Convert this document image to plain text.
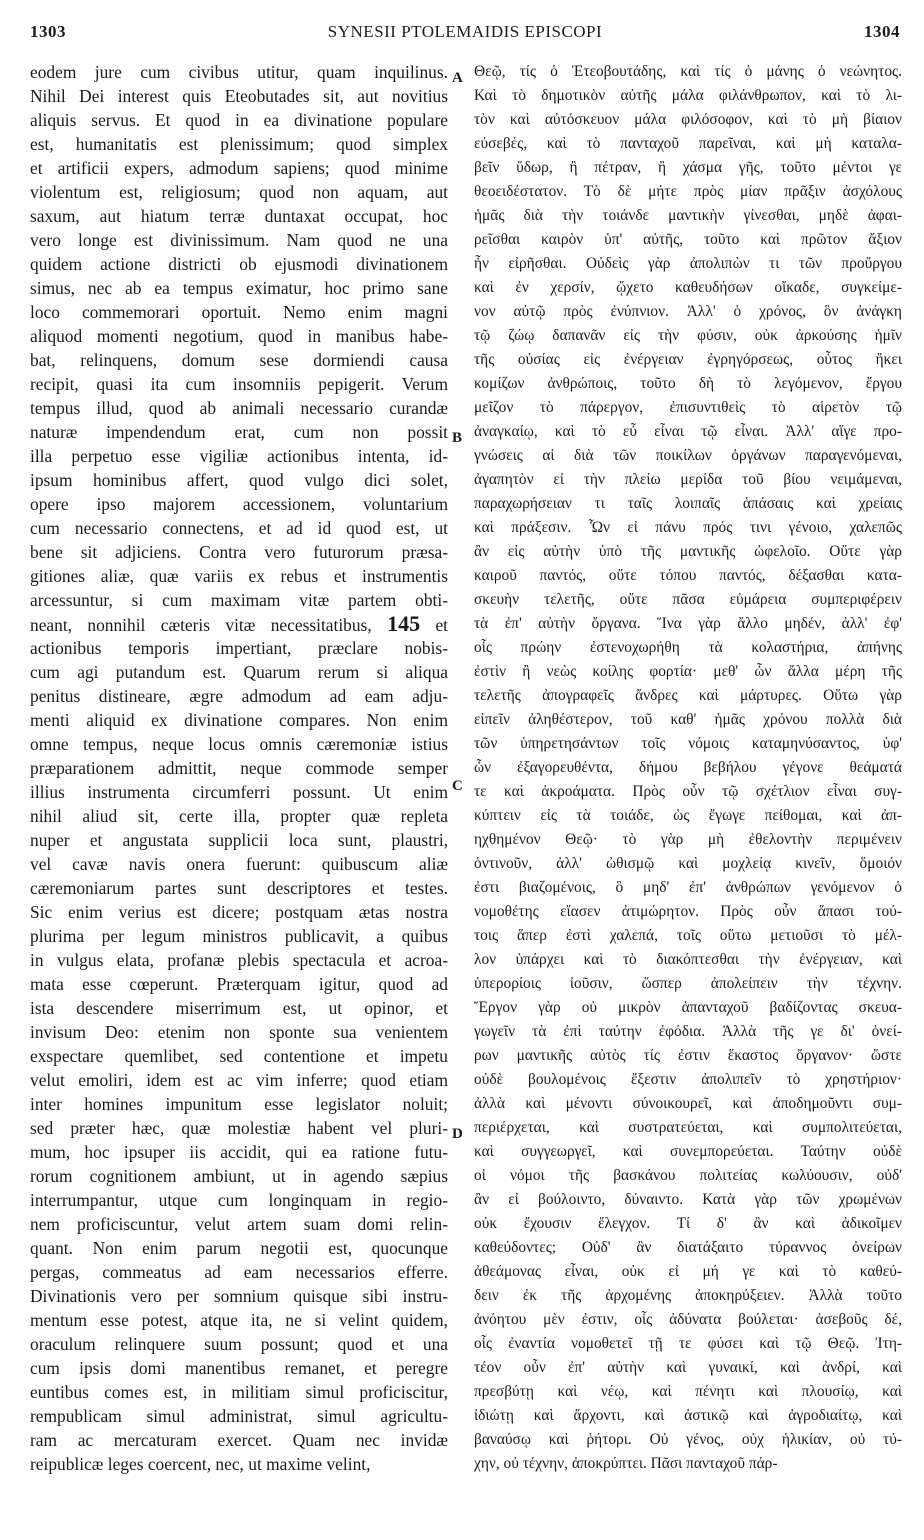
1303	SYNESII PTOLEMAIDIS EPISCOPI	1304
eodem jure cum civibus utitur, quam inquilinus.
Nihil Dei interest quis Eteobutades sit, aut novitius
aliquis servus. Et quod in ea divinatione populare
est, humanitatis est plenissimum; quod simplex
et artificii expers, admodum sapiens; quod minime
violentum est, religiosum; quod non aquam, aut
saxum, aut hiatum terræ duntaxat occupat, hoc
vero longe est divinissimum. Nam quod ne una
quidem actione districti ob ejusmodi divinationem
simus, nec ab ea tempus eximatur, hoc primo sane
loco commemorari oportuit. Nemo enim magni
aliquod momenti negotium, quod in manibus habe-
bat, relinquens, domum sese dormiendi causa
recipit, quasi ita cum insomniis pepigerit. Verum
tempus illud, quod ab animali necessario curandæ
naturæ impendendum erat, cum non possit
illa perpetuo esse vigiliæ actionibus intenta, id-
ipsum hominibus affert, quod vulgo dici solet,
opere ipso majorem accessionem, voluntarium
cum necessario connectens, et ad id quod est, ut
bene sit adjiciens. Contra vero futurorum præsa-
gitiones aliæ, quæ variis ex rebus et instrumentis
arcessuntur, si cum maximam vitæ partem obti-
neant, nonnihil cæteris vitæ necessitatibus, 145 et
actionibus temporis impertiant, præclare nobis-
cum agi putandum est. Quarum rerum si aliqua
penitus distineare, ægre admodum ad eam adju-
menti aliquid ex divinatione compares. Non enim
omne tempus, neque locus omnis cæremoniæ istius
præparationem admittit, neque commode semper
illius instrumenta circumferri possunt. Ut enim
nihil aliud sit, certe illa, propter quæ repleta
nuper et angustata supplicii loca sunt, plaustri,
vel cavæ navis onera fuerunt: quibuscum aliæ
cæremoniarum partes sunt descriptores et testes.
Sic enim verius est dicere; postquam ætas nostra
plurima per legum ministros publicavit, a quibus
in vulgus elata, profanæ plebis spectacula et acroa-
mata esse cœperunt. Præterquam igitur, quod ad
ista descendere miserrimum est, ut opinor, et
invisum Deo: etenim non sponte sua venientem
exspectare quemlibet, sed contentione et impetu
velut emoliri, idem est ac vim inferre; quod etiam
inter homines impunitum esse legislator noluit;
sed præter hæc, quæ molestiæ habent vel pluri-
mum, hoc ipsuper iis accidit, qui ea ratione futu-
rorum cognitionem ambiunt, ut in agendo sæpius
interrumpantur, utque cum longinquam in regio-
nem proficiscuntur, velut artem suam domi relin-
quant. Non enim parum negotii est, quocunque
pergas, commeatus ad eam necessarios efferre.
Divinationis vero per somnium quisque sibi instru-
mentum esse potest, atque ita, ne si velint quidem,
oraculum relinquere suum possunt; quod et una
cum ipsis domi manentibus remanet, et peregre
euntibus comes est, in militiam simul proficiscitur,
rempublicam simul administrat, simul agricultu-
ram ac mercaturam exercet. Quam nec invidæ
reipublicæ leges coercent, nec, ut maxime velint,
Θεῷ, τίς ὁ Ἐτεοβουτάδης, καὶ τίς ὁ μάνης ὁ νεώνητος.
Καὶ τὸ δημοτικὸν αὐτῆς μάλα φιλάνθρωπον, καὶ τὸ λι-
τὸν καὶ αὐτόσκευον μάλα φιλόσοφον, καὶ τὸ μὴ βίαιον
εὐσεβές, καὶ τὸ πανταχοῦ παρεῖναι, καὶ μὴ καταλα-
βεῖν ὕδωρ, ἢ πέτραν, ἢ χάσμα γῆς, τοῦτο μέντοι γε
θεοειδέστατον. Τὸ δὲ μήτε πρὸς μίαν πρᾶξιν ἀσχόλους
ἡμᾶς διὰ τὴν τοιάνδε μαντικὴν γίνεσθαι, μηδὲ ἀφαι-
ρεῖσθαι καιρὸν ὑπ' αὐτῆς, τοῦτο καὶ πρῶτον ἄξιον
ἦν εἰρῆσθαι. Οὐδεὶς γὰρ ἀπολιπὼν τι τῶν προὔργου
καὶ ἐν χερσίν, ᾤχετο καθευδήσων οἴκαδε, συγκείμε-
νον αὐτῷ πρὸς ἐνύπνιον. Ἀλλ' ὁ χρόνος, ὃν ἀνάγκη
τῷ ζώῳ δαπανᾶν εἰς τὴν φύσιν, οὐκ ἀρκούσης ἡμῖν
τῆς οὐσίας εἰς ἐνέργειαν ἐγρηγόρσεως, οὗτος ἥκει
κομίζων ἀνθρώποις, τοῦτο δὴ τὸ λεγόμενον, ἔργου
μεῖζον τὸ πάρεργον, ἐπισυντιθεὶς τὸ αἱρετὸν τῷ
ἀναγκαίῳ, καὶ τὸ εὖ εἶναι τῷ εἶναι. Ἀλλ' αἵγε προ-
γνώσεις αἱ διὰ τῶν ποικίλων ὀργάνων παραγενόμεναι,
ἀγαπητὸν εἰ τὴν πλείω μερίδα τοῦ βίου νειμάμεναι,
παραχωρήσειαν τι ταῖς λοιπαῖς ἁπάσαις καὶ χρείαις
καὶ πράξεσιν. Ὧν εἰ πάνυ πρός τινι γένοιο, χαλεπῶς
ἂν εἰς αὐτὴν ὑπὸ τῆς μαντικῆς ὠφελοῖο. Οὔτε γὰρ
καιροῦ παντός, οὔτε τόπου παντός, δέξασθαι κατα-
σκευὴν τελετῆς, οὔτε πᾶσα εὐμάρεια συμπεριφέρειν
τὰ ἐπ' αὐτὴν ὄργανα. Ἵνα γὰρ ἄλλο μηδέν, ἀλλ' ἐφ'
οἷς πρώην ἐστενοχωρήθη τὰ κολαστήρια, ἀπήνης
ἐστὶν ἢ νεὼς κοίλης φορτία· μεθ' ὧν ἄλλα μέρη τῆς
τελετῆς ἀπογραφεῖς ἄνδρες καὶ μάρτυρες. Οὕτω γὰρ
εἰπεῖν ἀληθέστερον, τοῦ καθ' ἡμᾶς χρόνου πολλὰ διὰ
τῶν ὑπηρετησάντων τοῖς νόμοις καταμηνύσαντος, ὑφ'
ὧν ἐξαγορευθέντα, δήμου βεβήλου γέγονε θεάματά
τε καὶ ἀκροάματα. Πρὸς οὖν τῷ σχέτλιον εἶναι συγ-
κύπτειν εἰς τὰ τοιάδε, ὡς ἔγωγε πείθομαι, καὶ ἀπ-
ηχθημένον Θεῷ· τὸ γὰρ μὴ ἐθελοντὴν περιμένειν
ὁντινοῦν, ἀλλ' ὠθισμῷ καὶ μοχλείᾳ κινεῖν, ὅμοιόν
ἐστι βιαζομένοις, ὃ μηδ' ἐπ' ἀνθρώπων γενόμενον ὁ
νομοθέτης εἴασεν ἀτιμώρητον. Πρὸς οὖν ἅπασι τού-
τοις ἅπερ ἐστὶ χαλεπά, τοῖς οὕτω μετιοῦσι τὸ μέλ-
λον ὑπάρχει καὶ τὸ διακόπτεσθαι τὴν ἐνέργειαν, καὶ
ὑπερορίοις ἰοῦσιν, ὥσπερ ἀπολείπειν τὴν τέχνην.
Ἔργον γὰρ οὐ μικρὸν ἁπανταχοῦ βαδίζοντας σκευα-
γωγεῖν τὰ ἐπὶ ταύτην ἐφόδια. Ἀλλὰ τῆς γε δι' ὀνεί-
ρων μαντικῆς αὐτὸς τίς ἐστιν ἕκαστος ὄργανον· ὥστε
οὐδὲ βουλομένοις ἔξεστιν ἀπολιπεῖν τὸ χρηστήριον·
ἀλλὰ καὶ μένοντι σύνοικουρεῖ, καὶ ἀποδημοῦντι συμ-
περιέρχεται, καὶ συστρατεύεται, καὶ συμπολιτεύεται,
καὶ συγγεωργεῖ, καὶ συνεμπορεύεται. Ταύτην οὐδὲ
οἱ νόμοι τῆς βασκάνου πολιτείας κωλύουσιν, οὐδ'
ἂν εἰ βούλοιντο, δύναιντο. Κατὰ γὰρ τῶν χρωμένων
οὐκ ἔχουσιν ἔλεγχον. Τί δ' ἂν καὶ ἀδικοῖμεν
καθεύδοντες; Οὐδ' ἂν διατάξαιτο τύραννος ὀνείρων
ἀθεάμονας εἶναι, οὐκ εἰ μή γε καὶ τὸ καθεύ-
δειν ἐκ τῆς ἀρχομένης ἀποκηρύξειεν. Ἀλλὰ τοῦτο
ἀνόητου μὲν ἐστιν, οἷς ἀδύνατα βούλεται· ἀσεβοῦς δέ,
οἷς ἐναντία νομοθετεῖ τῇ τε φύσει καὶ τῷ Θεῷ. Ἰτη-
τέον οὖν ἐπ' αὐτὴν καὶ γυναικί, καὶ ἀνδρί, καὶ
πρεσβύτῃ καὶ νέῳ, καὶ πένητι καὶ πλουσίῳ, καὶ
ἰδιώτῃ καὶ ἄρχοντι, καὶ ἀστικῷ καὶ ἀγροδιαίτῳ, καὶ
βαναύσῳ καὶ ῥήτορι. Οὐ γένος, οὐχ ἡλικίαν, οὐ τύ-
χην, οὐ τέχνην, ἀποκρύπτει. Πᾶσι πανταχοῦ πάρ-
A
B
C
D
